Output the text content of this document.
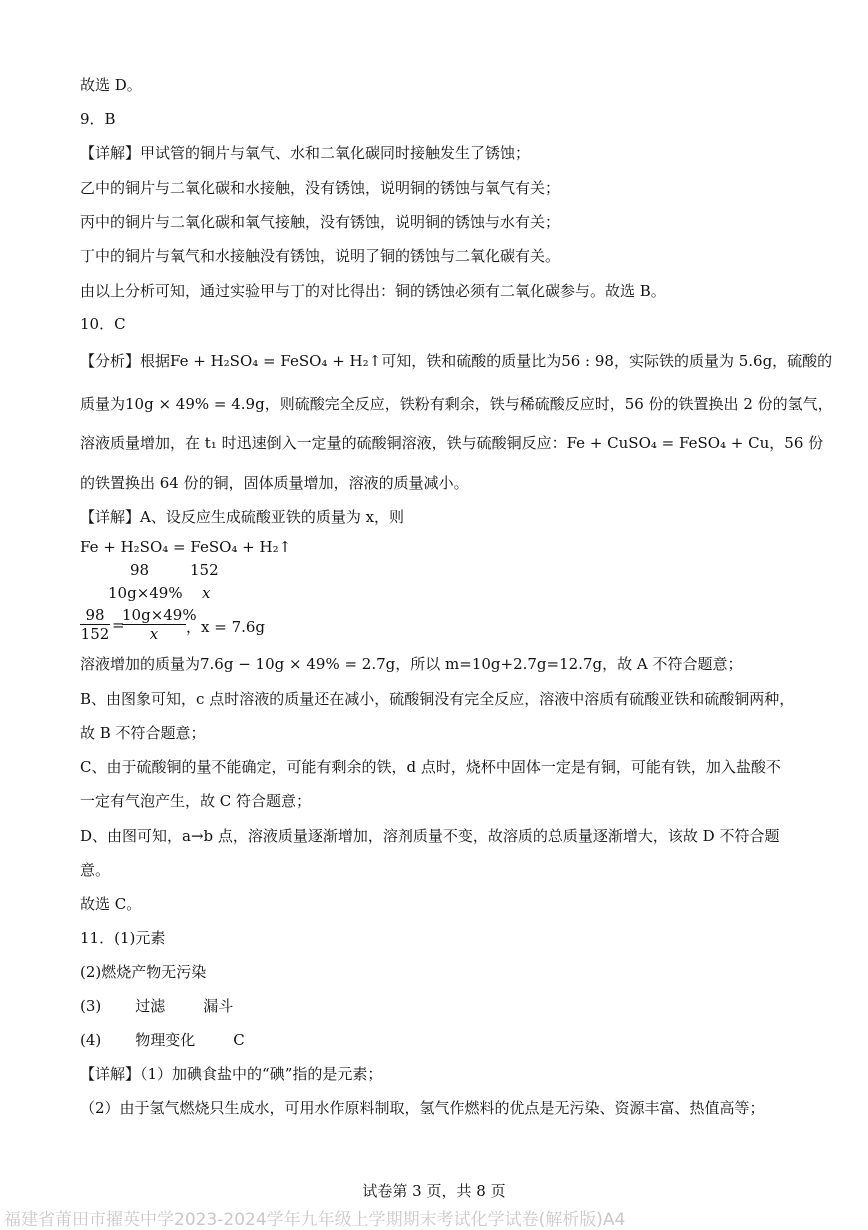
故选 D。
9．B
【详解】甲试管的铜片与氧气、水和二氧化碳同时接触发生了锈蚀；
乙中的铜片与二氧化碳和水接触，没有锈蚀，说明铜的锈蚀与氧气有关；
丙中的铜片与二氧化碳和氧气接触，没有锈蚀，说明铜的锈蚀与水有关；
丁中的铜片与氧气和水接触没有锈蚀，说明了铜的锈蚀与二氧化碳有关。
由以上分析可知，通过实验甲与丁的对比得出：铜的锈蚀必须有二氧化碳参与。故选 B。
10．C
【分析】根据Fe + H₂SO₄ = FeSO₄ + H₂↑可知，铁和硫酸的质量比为56 : 98，实际铁的质量为 5.6g，硫酸的
质量为10g × 49% = 4.9g，则硫酸完全反应，铁粉有剩余，铁与稀硫酸反应时，56 份的铁置换出 2 份的氢气，
溶液质量增加，在 t₁ 时迅速倒入一定量的硫酸铜溶液，铁与硫酸铜反应：Fe + CuSO₄ = FeSO₄ + Cu，56 份
的铁置换出 64 份的铜，固体质量增加，溶液的质量减小。
【详解】A、设反应生成硫酸亚铁的质量为 x，则
Fe + H₂SO₄ = FeSO₄ + H₂↑
98	152
10g×49% x
$\frac{98}{152}$ =
$\frac{10g\times 49\%}{x}$ ，x = 7.6g
溶液增加的质量为7.6g − 10g × 49% = 2.7g，所以 m=10g+2.7g=12.7g，故 A 不符合题意；
B、由图象可知，c 点时溶液的质量还在减小，硫酸铜没有完全反应，溶液中溶质有硫酸亚铁和硫酸铜两种，
故 B 不符合题意；
C、由于硫酸铜的量不能确定，可能有剩余的铁，d 点时，烧杯中固体一定是有铜，可能有铁，加入盐酸不
一定有气泡产生，故 C 符合题意；
D、由图可知，a→b 点，溶液质量逐渐增加，溶剂质量不变，故溶质的总质量逐渐增大，该故 D 不符合题
意。
故选 C。
11．(1)元素
(2)燃烧产物无污染
(3) 过滤	漏斗
(4) 物理变化	C
【详解】（1）加碘食盐中的“碘”指的是元素；
（2）由于氢气燃烧只生成水，可用水作原料制取，氢气作燃料的优点是无污染、资源丰富、热值高等；
试卷第 3 页，共 8 页
福建省莆田市擢英中学2023-2024学年九年级上学期期末考试化学试卷(解析版)A4
